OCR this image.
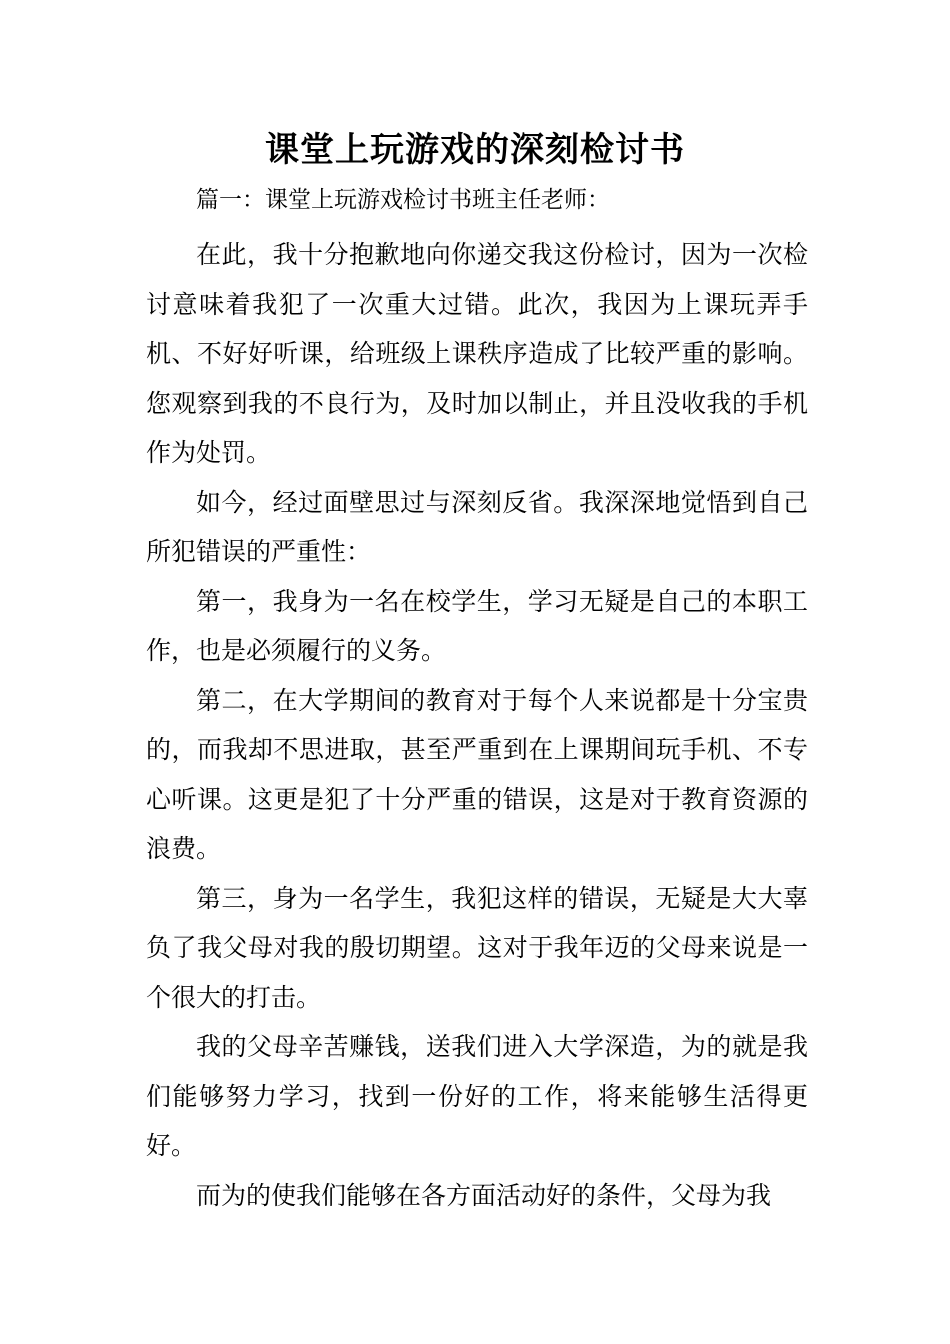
课堂上玩游戏的深刻检讨书
篇一：课堂上玩游戏检讨书班主任老师：

在此，我十分抱歉地向你递交我这份检讨，因为一次检讨意味着我犯了一次重大过错。此次，我因为上课玩弄手机、不好好听课，给班级上课秩序造成了比较严重的影响。您观察到我的不良行为，及时加以制止，并且没收我的手机作为处罚。

如今，经过面壁思过与深刻反省。我深深地觉悟到自己所犯错误的严重性：

第一，我身为一名在校学生，学习无疑是自己的本职工作，也是必须履行的义务。

第二，在大学期间的教育对于每个人来说都是十分宝贵的，而我却不思进取，甚至严重到在上课期间玩手机、不专心听课。这更是犯了十分严重的错误，这是对于教育资源的浪费。

第三，身为一名学生，我犯这样的错误，无疑是大大辜负了我父母对我的殷切期望。这对于我年迈的父母来说是一个很大的打击。

我的父母辛苦赚钱，送我们进入大学深造，为的就是我们能够努力学习，找到一份好的工作，将来能够生活得更好。

而为的使我们能够在各方面活动好的条件，父母为我
